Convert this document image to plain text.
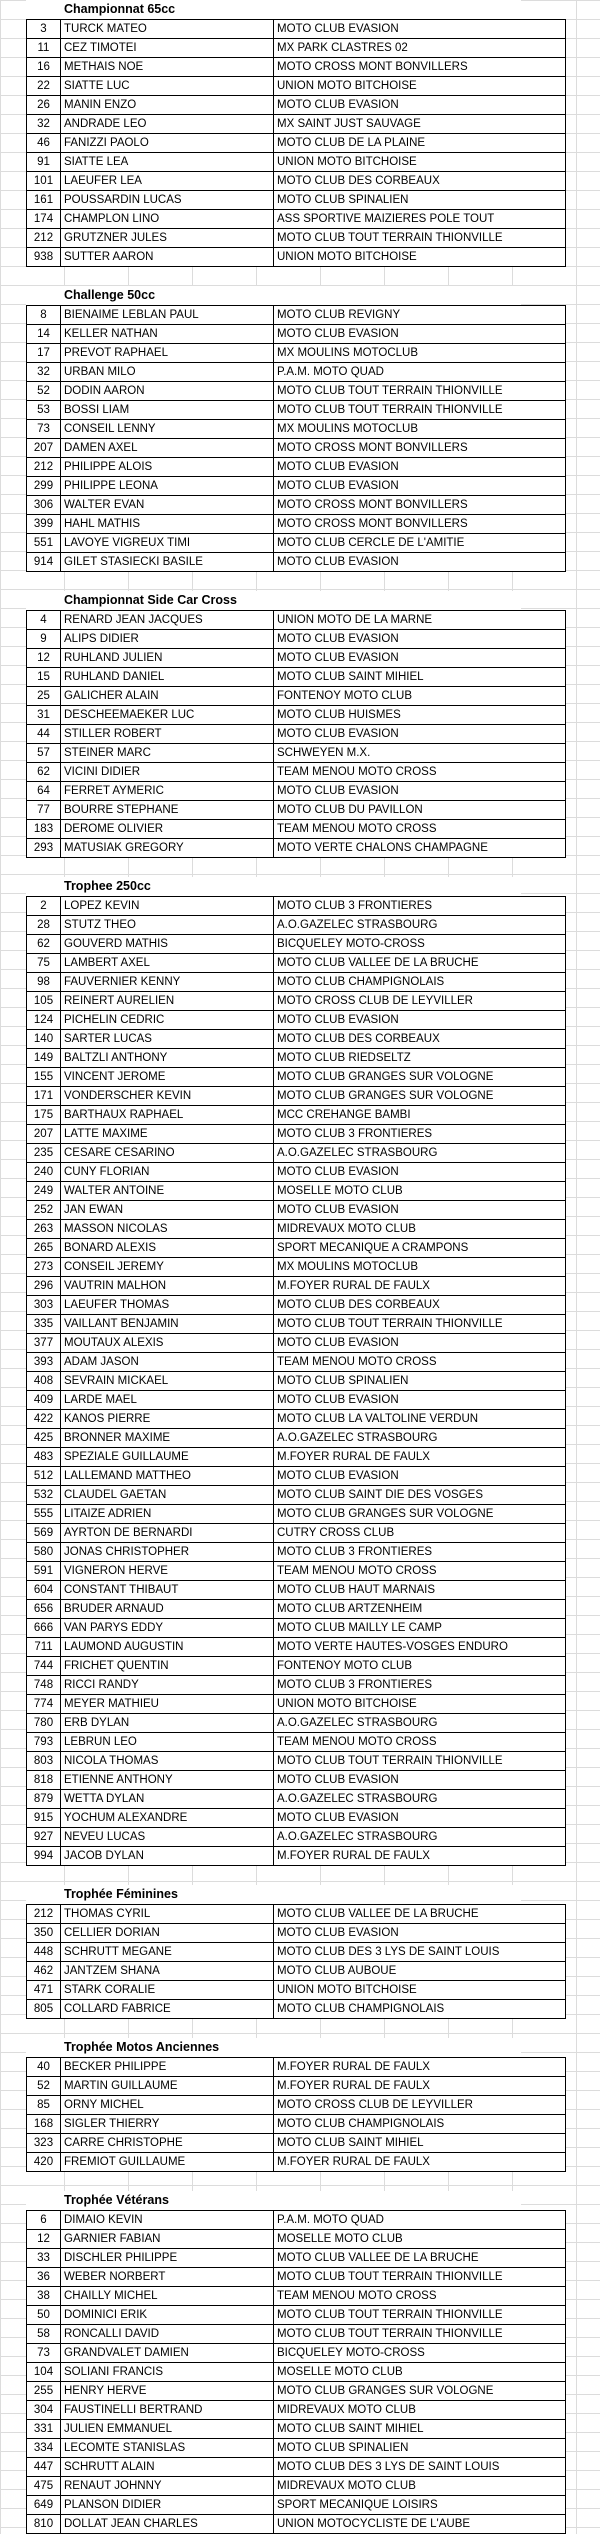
Championnat 65cc
3	TURCK MATEO	MOTO CLUB EVASION
11	CEZ TIMOTEI	MX PARK CLASTRES 02
16	METHAIS NOE	MOTO CROSS MONT BONVILLERS
22	SIATTE LUC	UNION MOTO BITCHOISE
26	MANIN ENZO	MOTO CLUB EVASION
32	ANDRADE LEO	MX SAINT JUST SAUVAGE
46	FANIZZI PAOLO	MOTO CLUB DE LA PLAINE
91	SIATTE LEA	UNION MOTO BITCHOISE
101	LAEUFER LEA	MOTO CLUB DES CORBEAUX
161	POUSSARDIN LUCAS	MOTO CLUB SPINALIEN
174	CHAMPLON LINO	ASS SPORTIVE MAIZIERES POLE TOUT
212	GRUTZNER JULES	MOTO CLUB TOUT TERRAIN THIONVILLE
938	SUTTER AARON	UNION MOTO BITCHOISE
Challenge 50cc
8	BIENAIME LEBLAN PAUL	MOTO CLUB REVIGNY
14	KELLER NATHAN	MOTO CLUB EVASION
17	PREVOT RAPHAEL	MX MOULINS MOTOCLUB
32	URBAN MILO	P.A.M. MOTO QUAD
52	DODIN AARON	MOTO CLUB TOUT TERRAIN THIONVILLE
53	BOSSI LIAM	MOTO CLUB TOUT TERRAIN THIONVILLE
73	CONSEIL LENNY	MX MOULINS MOTOCLUB
207	DAMEN AXEL	MOTO CROSS MONT BONVILLERS
212	PHILIPPE ALOIS	MOTO CLUB EVASION
299	PHILIPPE LEONA	MOTO CLUB EVASION
306	WALTER EVAN	MOTO CROSS MONT BONVILLERS
399	HAHL MATHIS	MOTO CROSS MONT BONVILLERS
551	LAVOYE VIGREUX TIMI	MOTO CLUB CERCLE DE L'AMITIE
914	GILET STASIECKI BASILE	MOTO CLUB EVASION
Championnat Side Car Cross
4	RENARD JEAN JACQUES	UNION MOTO DE LA MARNE
9	ALIPS DIDIER	MOTO CLUB EVASION
12	RUHLAND JULIEN	MOTO CLUB EVASION
15	RUHLAND DANIEL	MOTO CLUB SAINT MIHIEL
25	GALICHER ALAIN	FONTENOY MOTO CLUB
31	DESCHEEMAEKER LUC	MOTO CLUB HUISMES
44	STILLER ROBERT	MOTO CLUB EVASION
57	STEINER MARC	SCHWEYEN M.X.
62	VICINI DIDIER	TEAM MENOU MOTO CROSS
64	FERRET AYMERIC	MOTO CLUB EVASION
77	BOURRE STEPHANE	MOTO CLUB DU PAVILLON
183	DEROME OLIVIER	TEAM MENOU MOTO CROSS
293	MATUSIAK GREGORY	MOTO VERTE CHALONS CHAMPAGNE
Trophee 250cc
2	LOPEZ KEVIN	MOTO CLUB 3 FRONTIERES
28	STUTZ THEO	A.O.GAZELEC STRASBOURG
62	GOUVERD MATHIS	BICQUELEY MOTO-CROSS
75	LAMBERT AXEL	MOTO CLUB VALLEE DE LA BRUCHE
98	FAUVERNIER KENNY	MOTO CLUB CHAMPIGNOLAIS
105	REINERT AURELIEN	MOTO CROSS CLUB DE LEYVILLER
124	PICHELIN CEDRIC	MOTO CLUB EVASION
140	SARTER LUCAS	MOTO CLUB DES CORBEAUX
149	BALTZLI ANTHONY	MOTO CLUB RIEDSELTZ
155	VINCENT JEROME	MOTO CLUB GRANGES SUR VOLOGNE
171	VONDERSCHER KEVIN	MOTO CLUB GRANGES SUR VOLOGNE
175	BARTHAUX RAPHAEL	MCC CREHANGE BAMBI
207	LATTE MAXIME	MOTO CLUB 3 FRONTIERES
235	CESARE CESARINO	A.O.GAZELEC STRASBOURG
240	CUNY FLORIAN	MOTO CLUB EVASION
249	WALTER ANTOINE	MOSELLE MOTO CLUB
252	JAN EWAN	MOTO CLUB EVASION
263	MASSON NICOLAS	MIDREVAUX MOTO CLUB
265	BONARD ALEXIS	SPORT MECANIQUE A CRAMPONS
273	CONSEIL JEREMY	MX MOULINS MOTOCLUB
296	VAUTRIN MALHON	M.FOYER RURAL DE FAULX
303	LAEUFER THOMAS	MOTO CLUB DES CORBEAUX
335	VAILLANT BENJAMIN	MOTO CLUB TOUT TERRAIN THIONVILLE
377	MOUTAUX ALEXIS	MOTO CLUB EVASION
393	ADAM JASON	TEAM MENOU MOTO CROSS
408	SEVRAIN MICKAEL	MOTO CLUB SPINALIEN
409	LARDE MAEL	MOTO CLUB EVASION
422	KANOS PIERRE	MOTO CLUB LA VALTOLINE VERDUN
425	BRONNER MAXIME	A.O.GAZELEC STRASBOURG
483	SPEZIALE GUILLAUME	M.FOYER RURAL DE FAULX
512	LALLEMAND MATTHEO	MOTO CLUB EVASION
532	CLAUDEL GAETAN	MOTO CLUB SAINT DIE DES VOSGES
555	LITAIZE ADRIEN	MOTO CLUB GRANGES SUR VOLOGNE
569	AYRTON DE BERNARDI	CUTRY CROSS CLUB
580	JONAS CHRISTOPHER	MOTO CLUB 3 FRONTIERES
591	VIGNERON HERVE	TEAM MENOU MOTO CROSS
604	CONSTANT THIBAUT	MOTO CLUB HAUT MARNAIS
656	BRUDER ARNAUD	MOTO CLUB ARTZENHEIM
666	VAN PARYS EDDY	MOTO CLUB MAILLY LE CAMP
711	LAUMOND AUGUSTIN	MOTO VERTE HAUTES-VOSGES ENDURO
744	FRICHET QUENTIN	FONTENOY MOTO CLUB
748	RICCI RANDY	MOTO CLUB 3 FRONTIERES
774	MEYER MATHIEU	UNION MOTO BITCHOISE
780	ERB DYLAN	A.O.GAZELEC STRASBOURG
793	LEBRUN LEO	TEAM MENOU MOTO CROSS
803	NICOLA THOMAS	MOTO CLUB TOUT TERRAIN THIONVILLE
818	ETIENNE ANTHONY	MOTO CLUB EVASION
879	WETTA DYLAN	A.O.GAZELEC STRASBOURG
915	YOCHUM ALEXANDRE	MOTO CLUB EVASION
927	NEVEU LUCAS	A.O.GAZELEC STRASBOURG
994	JACOB DYLAN	M.FOYER RURAL DE FAULX
Trophée Féminines
212	THOMAS CYRIL	MOTO CLUB VALLEE DE LA BRUCHE
350	CELLIER DORIAN	MOTO CLUB EVASION
448	SCHRUTT MEGANE	MOTO CLUB DES 3 LYS DE SAINT LOUIS
462	JANTZEM SHANA	MOTO CLUB AUBOUE
471	STARK CORALIE	UNION MOTO BITCHOISE
805	COLLARD FABRICE	MOTO CLUB CHAMPIGNOLAIS
Trophée Motos Anciennes
40	BECKER PHILIPPE	M.FOYER RURAL DE FAULX
52	MARTIN GUILLAUME	M.FOYER RURAL DE FAULX
85	ORNY MICHEL	MOTO CROSS CLUB DE LEYVILLER
168	SIGLER THIERRY	MOTO CLUB CHAMPIGNOLAIS
323	CARRE CHRISTOPHE	MOTO CLUB SAINT MIHIEL
420	FREMIOT GUILLAUME	M.FOYER RURAL DE FAULX
Trophée Vétérans
6	DIMAIO KEVIN	P.A.M. MOTO QUAD
12	GARNIER FABIAN	MOSELLE MOTO CLUB
33	DISCHLER PHILIPPE	MOTO CLUB VALLEE DE LA BRUCHE
36	WEBER NORBERT	MOTO CLUB TOUT TERRAIN THIONVILLE
38	CHAILLY MICHEL	TEAM MENOU MOTO CROSS
50	DOMINICI ERIK	MOTO CLUB TOUT TERRAIN THIONVILLE
58	RONCALLI DAVID	MOTO CLUB TOUT TERRAIN THIONVILLE
73	GRANDVALET DAMIEN	BICQUELEY MOTO-CROSS
104	SOLIANI FRANCIS	MOSELLE MOTO CLUB
255	HENRY HERVE	MOTO CLUB GRANGES SUR VOLOGNE
304	FAUSTINELLI BERTRAND	MIDREVAUX MOTO CLUB
331	JULIEN EMMANUEL	MOTO CLUB SAINT MIHIEL
334	LECOMTE STANISLAS	MOTO CLUB SPINALIEN
447	SCHRUTT ALAIN	MOTO CLUB DES 3 LYS DE SAINT LOUIS
475	RENAUT JOHNNY	MIDREVAUX MOTO CLUB
649	PLANSON DIDIER	SPORT MECANIQUE LOISIRS
810	DOLLAT JEAN CHARLES	UNION MOTOCYCLISTE DE L'AUBE
